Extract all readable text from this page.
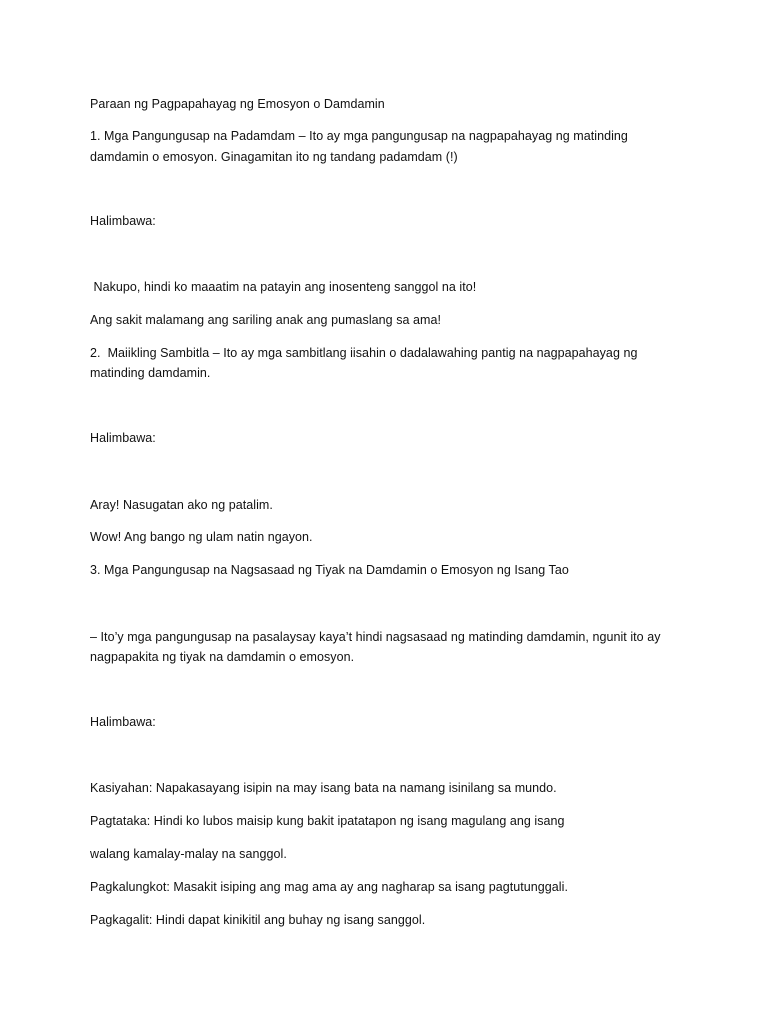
Paraan ng Pagpapahayag ng Emosyon o Damdamin
1. Mga Pangungusap na Padamdam – Ito ay mga pangungusap na nagpapahayag ng matinding
damdamin o emosyon. Ginagamitan ito ng tandang padamdam (!)
Halimbawa:
Nakupo, hindi ko maaatim na patayin ang inosenteng sanggol na ito!
Ang sakit malamang ang sariling anak ang pumaslang sa ama!
2.  Maiikling Sambitla – Ito ay mga sambitlang iisahin o dadalawahing pantig na nagpapahayag ng
matinding damdamin.
Halimbawa:
Aray! Nasugatan ako ng patalim.
Wow! Ang bango ng ulam natin ngayon.
3. Mga Pangungusap na Nagsasaad ng Tiyak na Damdamin o Emosyon ng Isang Tao
– Ito’y mga pangungusap na pasalaysay kaya’t hindi nagsasaad ng matinding damdamin, ngunit ito ay
nagpapakita ng tiyak na damdamin o emosyon.
Halimbawa:
Kasiyahan: Napakasayang isipin na may isang bata na namang isinilang sa mundo.
Pagtataka: Hindi ko lubos maisip kung bakit ipatatapon ng isang magulang ang isang
walang kamalay-malay na sanggol.
Pagkalungkot: Masakit isiping ang mag ama ay ang nagharap sa isang pagtutunggali.
Pagkagalit: Hindi dapat kinikitil ang buhay ng isang sanggol.
